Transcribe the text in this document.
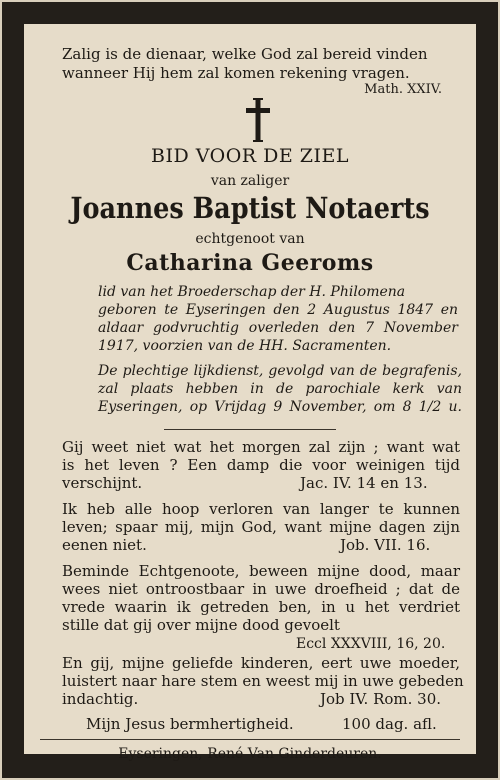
Zalig is de dienaar, welke God zal bereid vinden
wanneer Hij hem zal komen rekening vragen.
Math. XXIV.
BID VOOR DE ZIEL
van zaliger
Joannes Baptist Notaerts
echtgenoot van
Catharina Geeroms
lid van het Broederschap der H. Philomena
geboren te Eyseringen den 2 Augustus 1847 en
aldaar godvruchtig overleden den 7 November
1917, voorzien van de HH. Sacramenten.
De plechtige lijkdienst, gevolgd van de begrafenis,
zal plaats hebben in de parochiale kerk van
Eyseringen, op Vrijdag 9 November, om 8 1/2 u.
Gij weet niet wat het morgen zal zijn ; want wat
is het leven ? Een damp die voor weinigen tijd
verschijnt.	Jac. IV. 14 en 13.
Ik heb alle hoop verloren van langer te kunnen
leven; spaar mij, mijn God, want mijne dagen zijn
eenen niet.	Job. VII. 16.
Beminde Echtgenoote, beween mijne dood, maar
wees niet ontroostbaar in uwe droefheid ; dat de
vrede waarin ik getreden ben, in u het verdriet
stille dat gij over mijne dood gevoelt
Eccl XXXVIII, 16, 20.
En gij, mijne geliefde kinderen, eert uwe moeder,
luistert naar hare stem en weest mij in uwe gebeden
indachtig.	Job IV. Rom. 30.
Mijn Jesus bermhertigheid.	100 dag. afl.
Eyseringen, René Van Ginderdeuren.
